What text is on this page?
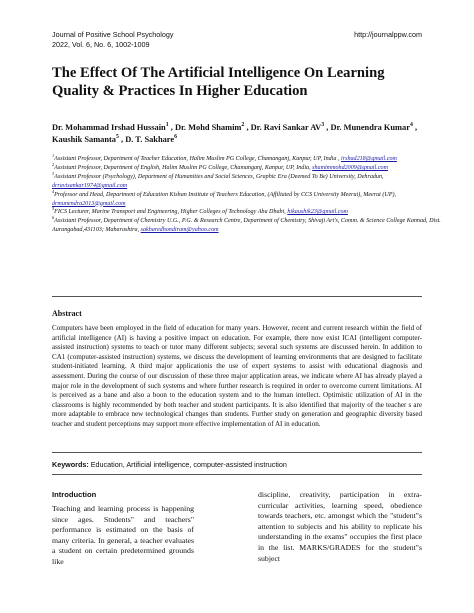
Journal of Positive School Psychology
2022, Vol. 6, No. 6, 1002-1009
http://journalppw.com
The Effect Of The Artificial Intelligence On Learning Quality & Practices In Higher Education
Dr. Mohammad Irshad Hussain$^1$ , Dr. Mohd Shamim$^2$ , Dr. Ravi Sankar $AV^3$ , Dr. Munendra Kumar$^4$ , Kaushik Samanta$^5$ , D. T. Sakhare$^6$
$^1$Assistant Professor, Department of Teacher Education, Halim Muslim PG College, Chamanganj, Kanpur, UP, India , irshad218@gmail.com
$^2$Assistant Professor, Department of English, Halim Muslim PG College, Chamanganj, Kanpur, UP, India, shamimmohd2009@gmail.com
$^3$Assistant Professor (Psychology), Department of Humanities and Social Sciences, Graphic Era (Deemed To Be) University, Dehradun, drravisankar1974@gmail.com
$^4$Professor and Head, Department of Education Kishan Institute of Teachers Education, (Affiliated by CCS University Meerut), Meerut (UP), drmunendra2013@gmail.com
$^5$FICS Lecturer, Marine Transport and Engineering, Higher Colleges of Technology Abu Dhabi, hikaushik23@gmail.com
$^6$Assistant Professor, Department of Chemistry U.G., P.G. & Research Centre, Department of Chemistry, Shivaji Art's, Comm. & Science College Kannad, Dist. Aurangabad,431103; Maharashtra, sakharedhondiram@yahoo.com
Abstract
Computers have been employed in the field of education for many years. However, recent and current research within the field of artificial intelligence (AI) is having a positive impact on education. For example, there now exist ICAI (intelligent computer-assisted instruction) systems to teach or tutor many different subjects; several such systems are discussed herein. In addition to CA1 (computer-assisted instruction) systems, we discuss the development of learning environments that are designed to facilitate student-initiated learning. A third major applicationis the use of expert systems to assist with educational diagnosis and assessment. During the course of our discussion of these three major application areas, we indicate where AI has already played a major role in the development of such systems and where further research is required in order to overcome current limitations. AI is perceived as a bane and also a boon to the education system and to the human intellect. Optimistic utilization of AI in the classrooms is highly recommended by both teacher and student participants. It is also identified that majority of the teacher s are more adaptable to embrace new technological changes than students. Further study on generation and geographic diversity based teacher and student perceptions may support more effective implementation of AI in education.
Keywords: Education, Artificial intelligence, computer-assisted instruction
Introduction
Teaching and learning process is happening since ages. Students" and teachers" performance is estimated on the basis of many criteria. In general, a teacher evaluates a student on certain predetermined grounds like
discipline, creativity, participation in extra-curricular activities, learning speed, obedience towards teachers, etc. amongst which the "student"s attention to subjects and his ability to replicate his understanding in the exams" occupies the first place in the list. MARKS/GRADES for the student"s subject
